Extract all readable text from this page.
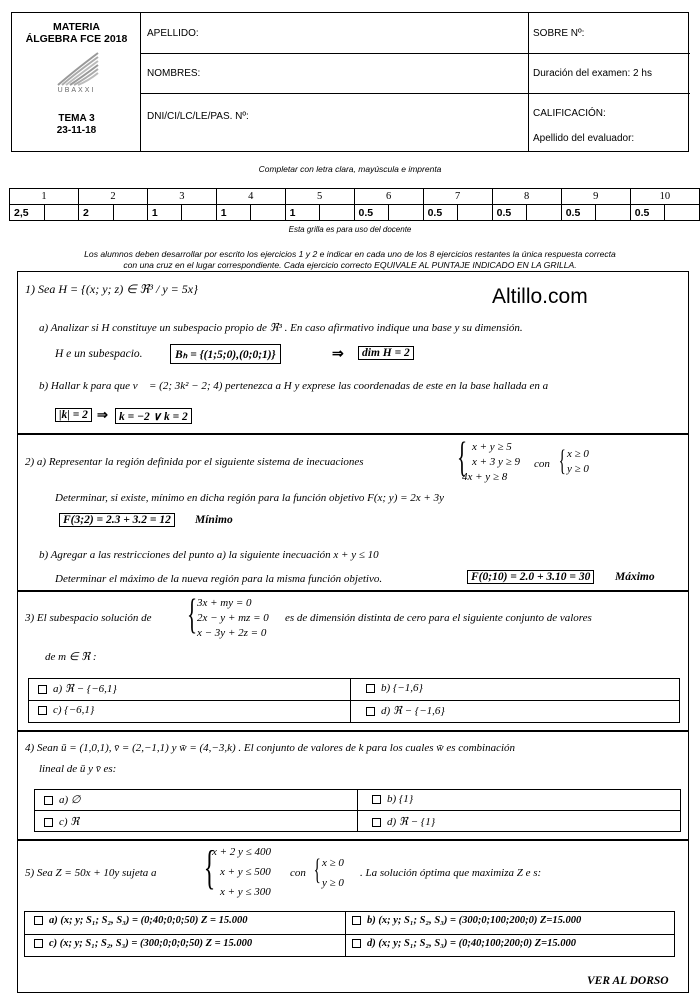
MATERIA
ÁLGEBRA FCE 2018
UBAXXI
TEMA 3
23-11-18
APELLIDO:
NOMBRES:
DNI/CI/LC/LE/PAS. Nº:
SOBRE Nº:
Duración del examen: 2 hs
CALIFICACIÓN:
Apellido del evaluador:
Completar con letra clara, mayúscula e imprenta
1		2		3		4		5		6		7		8		9		10	
2,5		2		1		1		1		0.5		0.5		0.5		0.5		0.5	
Esta grilla es para uso del docente
Los alumnos deben desarrollar por escrito los ejercicios 1 y 2 e indicar en cada uno de los 8 ejercicios restantes la única respuesta correcta
con una cruz en el lugar correspondiente. Cada ejercicio correcto EQUIVALE AL PUNTAJE INDICADO EN LA GRILLA.
1) Sea H = {(x; y; z) ∈ ℜ³ / y = 5x}	Altillo.com
a) Analizar si H constituye un subespacio propio de ℜ³ . En caso afirmativo indique una base y su dimensión.
H e un subespacio.	Bₕ = {(1;5;0),(0;0;1)}	⇒	dim H = 2
b) Hallar k para que v⃗ = (2; 3k² − 2; 4) pertenezca a H y exprese las coordenadas de este en la base hallada en a
|k| = 2 ⇒ k = −2 ∨ k = 2
2) a) Representar la región definida por el siguiente sistema de inecuaciones { x + y ≥ 5
x + 3 y ≥ 9
4x + y ≥ 8
con { x ≥ 0
y ≥ 0
Determinar, si existe, mínimo en dicha región para la función objetivo F(x; y) = 2x + 3y
F(3;2) = 2.3 + 3.2 = 12	Mínimo
b) Agregar a las restricciones del punto a) la siguiente inecuación x + y ≤ 10
Determinar el máximo de la nueva región para la misma función objetivo.	F(0;10) = 2.0 + 3.10 = 30	Máximo
3) El subespacio solución de { 3x + my = 0
2x − y + mz = 0
x − 3y + 2z = 0
es de dimensión distinta de cero para el siguiente conjunto de valores
de m ∈ ℜ :
a) ℜ − {−6,1}	b) {−1,6}
c) {−6,1}	d) ℜ − {−1,6}
4) Sean ū = (1,0,1), v̄ = (2,−1,1) y w̄ = (4,−3,k) . El conjunto de valores de k para los cuales w̄ es combinación
lineal de ū y v̄ es:
a) ∅	b) {1}
c) ℜ	d) ℜ − {1}
5) Sea Z = 50x + 10y sujeta a {
x + 2 y ≤ 400
x + y ≤ 500
x + y ≤ 300
con { x ≥ 0
y ≥ 0
. La solución óptima que maximiza Z e s:
a) (x; y; S₁; S₂, S₃) = (0;40;0;0;50) Z = 15.000	b) (x; y; S₁; S₂, S₃) = (300;0;100;200;0) Z=15.000
c) (x; y; S₁; S₂, S₃) = (300;0;0;0;50) Z = 15.000	d) (x; y; S₁; S₂, S₃) = (0;40;100;200;0) Z=15.000
VER AL DORSO
